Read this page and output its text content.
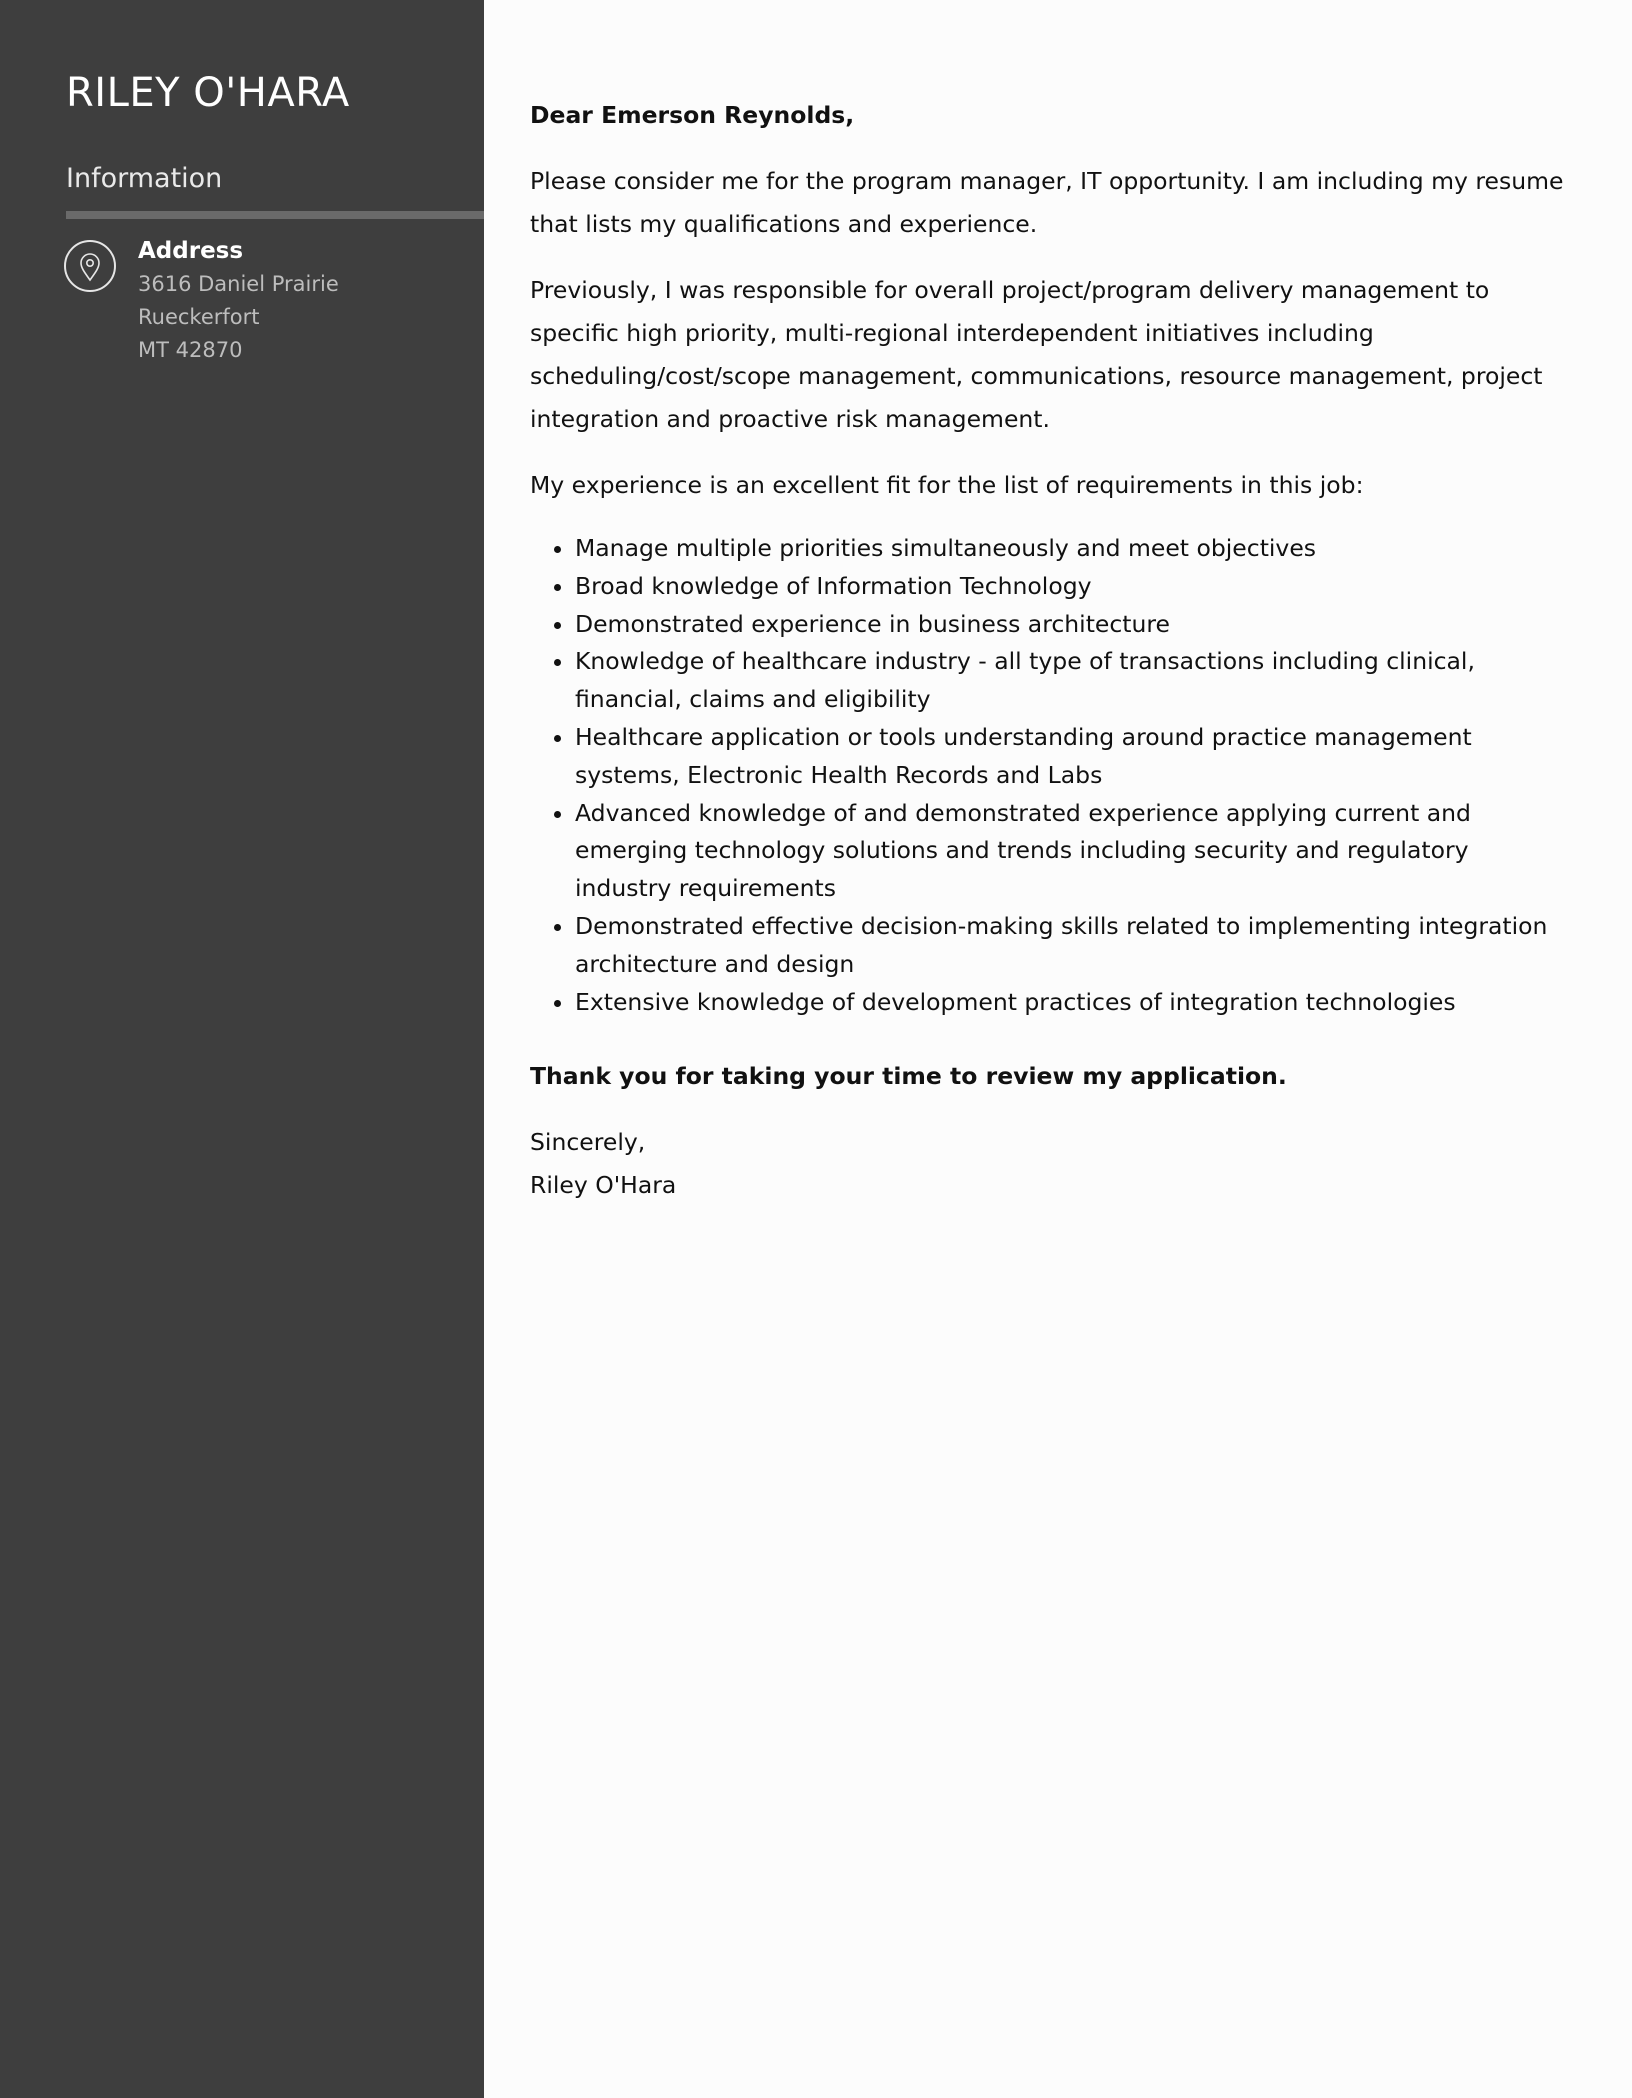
RILEY O'HARA
Information
Address
3616 Daniel Prairie
Rueckerfort
MT 42870

Dear Emerson Reynolds,

Please consider me for the program manager, IT opportunity. I am including my resume that lists my qualifications and experience.

Previously, I was responsible for overall project/program delivery management to specific high priority, multi-regional interdependent initiatives including scheduling/cost/scope management, communications, resource management, project integration and proactive risk management.

My experience is an excellent fit for the list of requirements in this job:

• Manage multiple priorities simultaneously and meet objectives
• Broad knowledge of Information Technology
• Demonstrated experience in business architecture
• Knowledge of healthcare industry - all type of transactions including clinical, financial, claims and eligibility
• Healthcare application or tools understanding around practice management systems, Electronic Health Records and Labs
• Advanced knowledge of and demonstrated experience applying current and emerging technology solutions and trends including security and regulatory industry requirements
• Demonstrated effective decision-making skills related to implementing integration architecture and design
• Extensive knowledge of development practices of integration technologies

Thank you for taking your time to review my application.

Sincerely,

Riley O'Hara
